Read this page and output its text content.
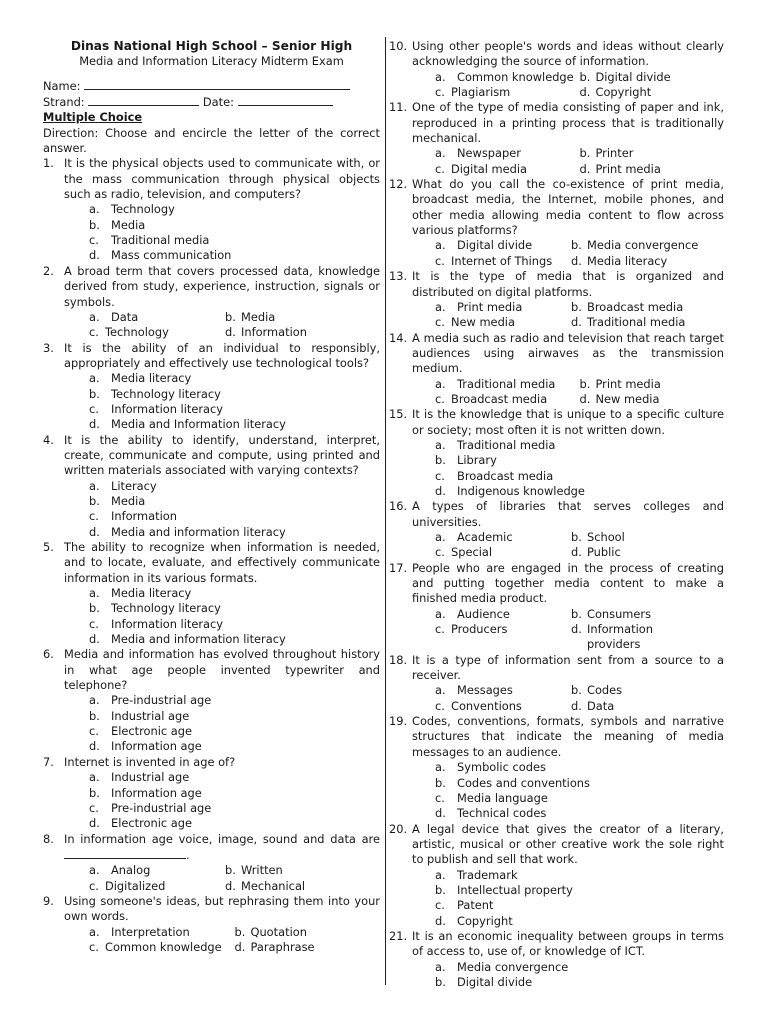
Dinas National High School – Senior High
Media and Information Literacy Midterm Exam
Name:
Strand:	Date:
Multiple Choice
Direction: Choose and encircle the letter of the correct answer.
1. It is the physical objects used to communicate with, or the mass communication through physical objects such as radio, television, and computers?
a. Technology
b. Media
c.	Traditional media
d. Mass communication
2. A broad term that covers processed data, knowledge derived from study, experience, instruction, signals or symbols.
a. Data	b. Media
c. Technology	d. Information
3. It is the ability of an individual to responsibly, appropriately and effectively use technological tools?
a. Media literacy
b. Technology literacy
c.	Information literacy
d. Media and Information literacy
4. It is the ability to identify, understand, interpret, create, communicate and compute, using printed and written materials associated with varying contexts?
a. Literacy
b. Media
c.	Information
d. Media and information literacy
5. The ability to recognize when information is needed, and to locate, evaluate, and effectively communicate information in its various formats.
a. Media literacy
b. Technology literacy
c.	Information literacy
d. Media and information literacy
6. Media and information has evolved throughout history in what age people invented typewriter and telephone?
a. Pre-industrial age
b. Industrial age
c.	Electronic age
d. Information age
7. Internet is invented in age of?
a. Industrial age
b. Information age
c.	Pre-industrial age
d. Electronic age
8. In information age voice, image, sound and data are .
a. Analog	b. Written
c. Digitalized	d. Mechanical
9. Using someone's ideas, but rephrasing them into your own words.
a. Interpretation	b. Quotation
c. Common knowledge d. Paraphrase
10. Using other people's words and ideas without clearly acknowledging the source of information.
a. Common knowledge b. Digital divide
c. Plagiarism	d. Copyright
11. One of the type of media consisting of paper and ink, reproduced in a printing process that is traditionally mechanical.
a. Newspaper	b. Printer
c. Digital media	d. Print media
12. What do you call the co-existence of print media, broadcast media, the Internet, mobile phones, and other media allowing media content to flow across various platforms?
a. Digital divide	b. Media convergence
c. Internet of Things d. Media literacy
13. It is the type of media that is organized and distributed on digital platforms.
a. Print media	b. Broadcast media
c. New media	d. Traditional media
14. A media such as radio and television that reach target audiences using airwaves as the transmission medium.
a. Traditional media b. Print media
c. Broadcast media	d. New media
15. It is the knowledge that is unique to a specific culture or society; most often it is not written down.
a. Traditional media
b. Library
c.	Broadcast media
d. Indigenous knowledge
16. A types of libraries that serves colleges and universities.
a. Academic	b. School
c. Special	d. Public
17. People who are engaged in the process of creating and putting together media content to make a finished media product.
a. Audience	b. Consumers
c. Producers	d. Information providers
18. It is a type of information sent from a source to a receiver.
a. Messages	b. Codes
c. Conventions	d. Data
19. Codes, conventions, formats, symbols and narrative structures that indicate the meaning of media messages to an audience.
a. Symbolic codes
b. Codes and conventions
c.	Media language
d. Technical codes
20. A legal device that gives the creator of a literary, artistic, musical or other creative work the sole right to publish and sell that work.
a. Trademark
b. Intellectual property
c.	Patent
d. Copyright
21. It is an economic inequality between groups in terms of access to, use of, or knowledge of ICT.
a. Media convergence
b. Digital divide
